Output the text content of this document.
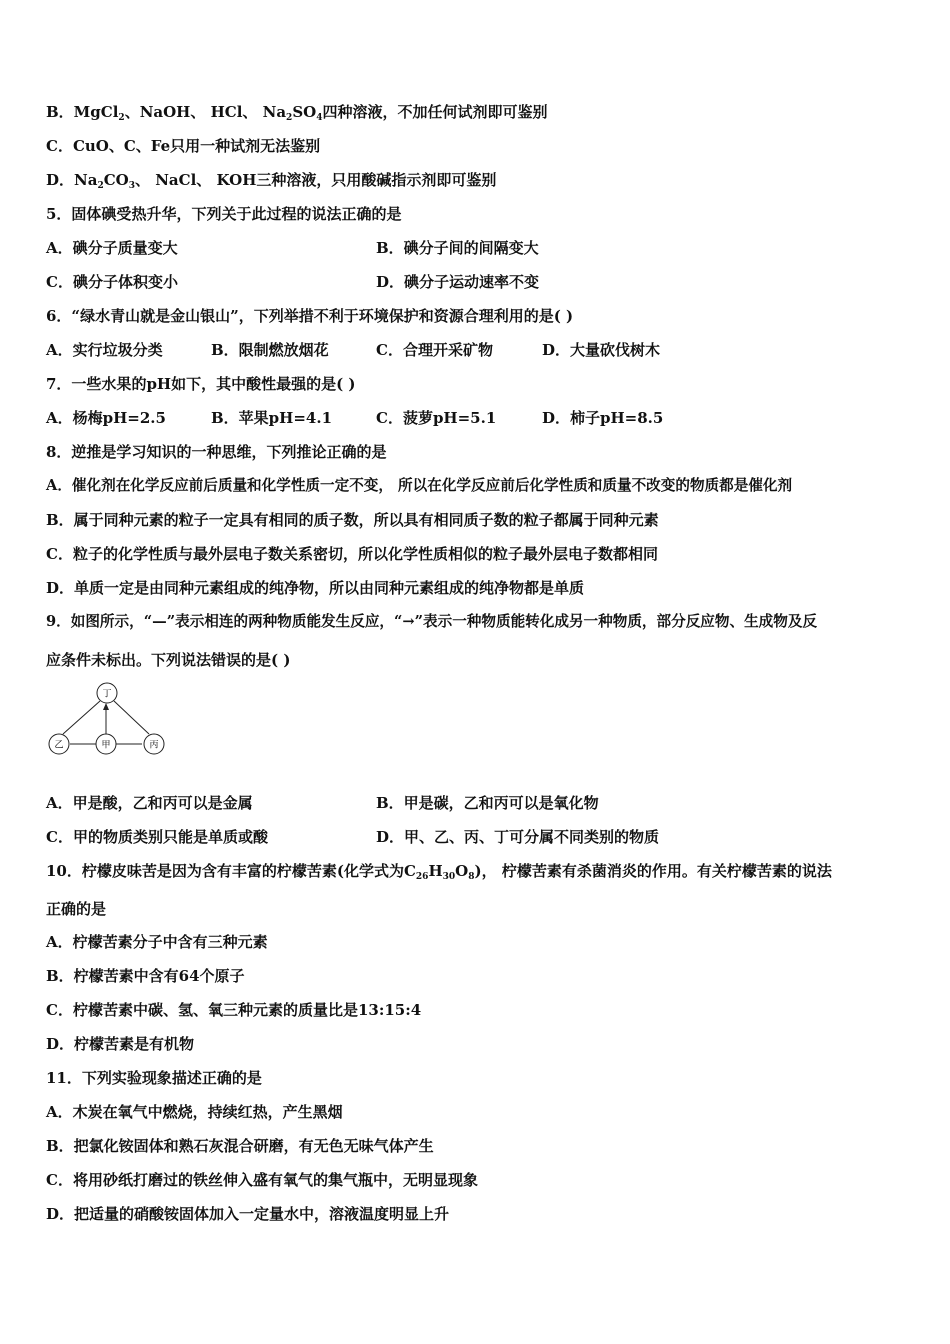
B．MgCl$_2$、NaOH、 HCl、 $Na_2SO_4$四种溶液，不加任何试剂即可鉴别
C．CuO、C、Fe只用一种试剂无法鉴别
D．$Na_2CO_3$、 NaCl、 KOH三种溶液，只用酸碱指示剂即可鉴别
5．固体碘受热升华，下列关于此过程的说法正确的是
A．碘分子质量变大	B．碘分子间的间隔变大
C．碘分子体积变小	D．碘分子运动速率不变
6．“绿水青山就是金山银山”，下列举措不利于环境保护和资源合理利用的是( )
A．实行垃圾分类	B．限制燃放烟花	C．合理开采矿物	D．大量砍伐树木
7．一些水果的pH如下，其中酸性最强的是( )
A．杨梅pH=2.5	B．苹果pH=4.1	C．菠萝pH=5.1	D．柿子pH=8.5
8．逆推是学习知识的一种思维，下列推论正确的是
A．催化剂在化学反应前后质量和化学性质一定不变， 所以在化学反应前后化学性质和质量不改变的物质都是催化剂
B．属于同种元素的粒子一定具有相同的质子数，所以具有相同质子数的粒子都属于同种元素
C．粒子的化学性质与最外层电子数关系密切，所以化学性质相似的粒子最外层电子数都相同
D．单质一定是由同种元素组成的纯净物，所以由同种元素组成的纯净物都是单质
9．如图所示，“—”表示相连的两种物质能发生反应，“→”表示一种物质能转化成另一种物质，部分反应物、生成物及反
应条件未标出。下列说法错误的是( )
丁
乙	甲	丙
A．甲是酸，乙和丙可以是金属	B．甲是碳，乙和丙可以是氧化物
C．甲的物质类别只能是单质或酸	D．甲、乙、丙、丁可分属不同类别的物质
10．柠檬皮味苦是因为含有丰富的柠檬苦素(化学式为$C_{26}H_{30}O_8$)， 柠檬苦素有杀菌消炎的作用。有关柠檬苦素的说法
正确的是
A．柠檬苦素分子中含有三种元素
B．柠檬苦素中含有64个原子
C．柠檬苦素中碳、氢、氧三种元素的质量比是13:15:4
D．柠檬苦素是有机物
11．下列实验现象描述正确的是
A．木炭在氧气中燃烧，持续红热，产生黑烟
B．把氯化铵固体和熟石灰混合研磨，有无色无味气体产生
C．将用砂纸打磨过的铁丝伸入盛有氧气的集气瓶中，无明显现象
D．把适量的硝酸铵固体加入一定量水中，溶液温度明显上升
